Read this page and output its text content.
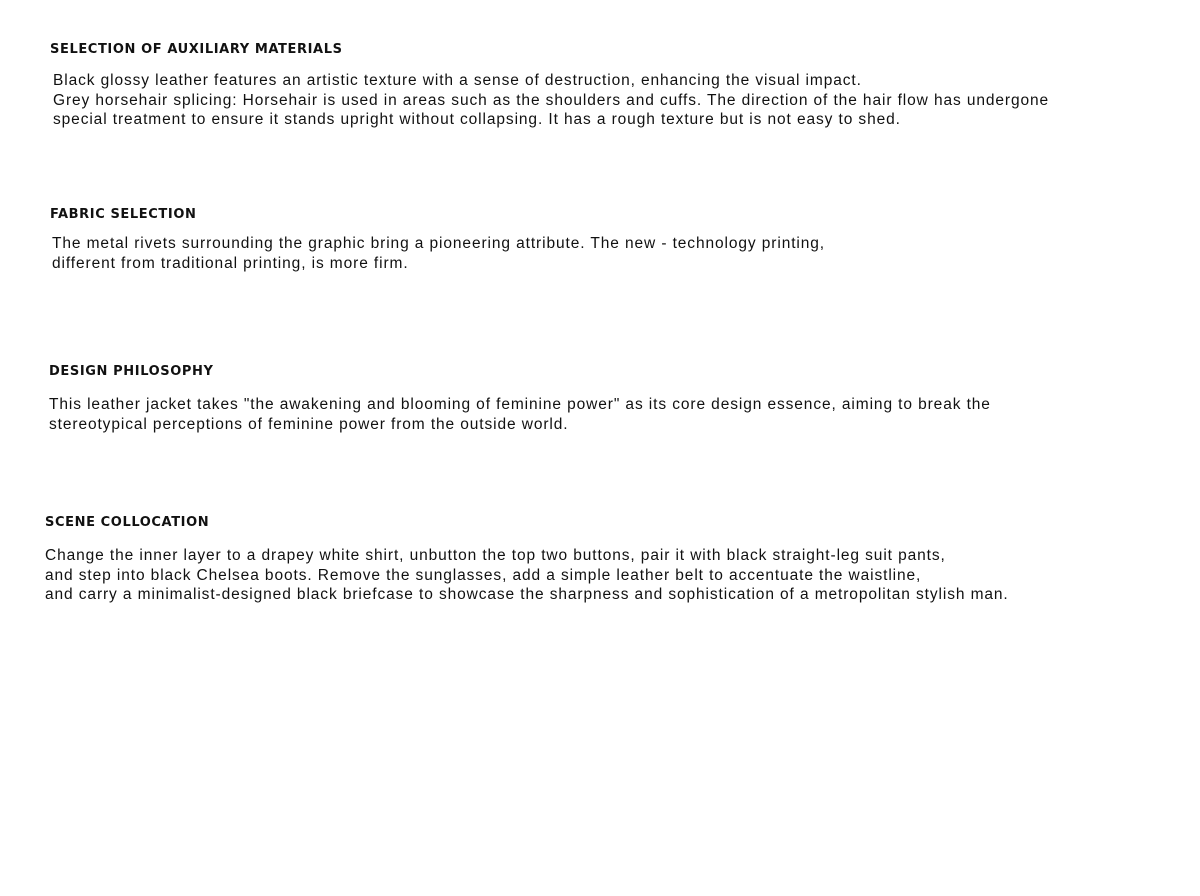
SELECTION OF AUXILIARY MATERIALS

Black glossy leather features an artistic texture with a sense of destruction, enhancing the visual impact.
Grey horsehair splicing: Horsehair is used in areas such as the shoulders and cuffs. The direction of the hair flow has undergone
special treatment to ensure it stands upright without collapsing. It has a rough texture but is not easy to shed.

FABRIC SELECTION

The metal rivets surrounding the graphic bring a pioneering attribute. The new - technology printing,
different from traditional printing, is more firm.

DESIGN PHILOSOPHY

This leather jacket takes "the awakening and blooming of feminine power" as its core design essence, aiming to break the
stereotypical perceptions of feminine power from the outside world.

SCENE COLLOCATION

Change the inner layer to a drapey white shirt, unbutton the top two buttons, pair it with black straight-leg suit pants,
and step into black Chelsea boots. Remove the sunglasses, add a simple leather belt to accentuate the waistline,
and carry a minimalist-designed black briefcase to showcase the sharpness and sophistication of a metropolitan stylish man.
